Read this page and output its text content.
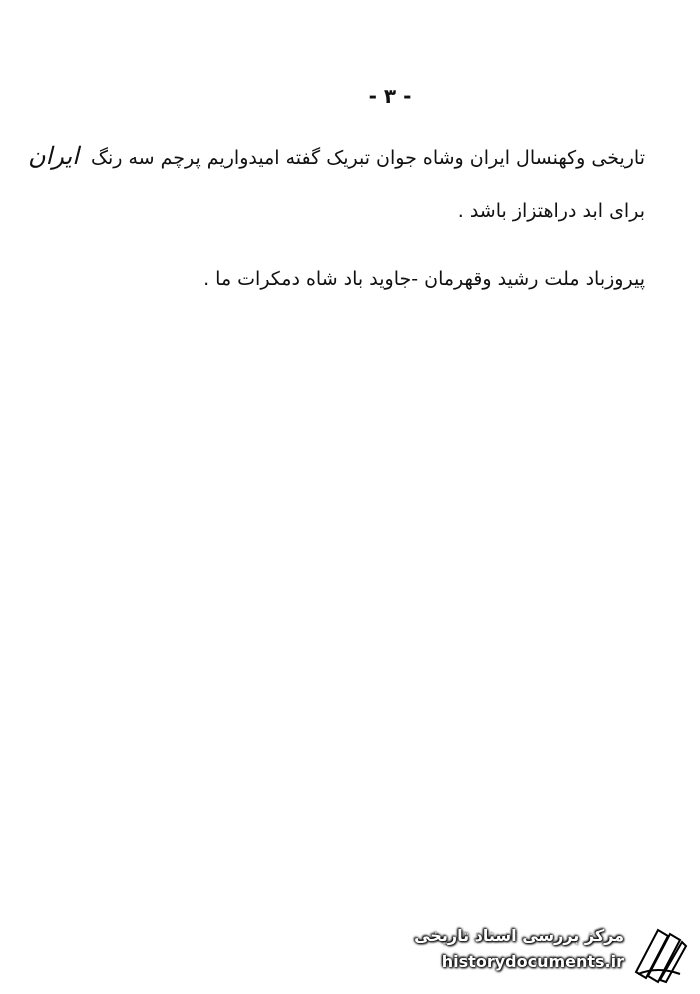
- ٣ -
تاریخی وکهنسال ایران وشاه جوان تبریک گفته امیدواریم پرچم سه رنگ ایران
برای ابد دراهتزاز باشد .
پیروزباد ملت رشید وقهرمان -جاوید باد شاه دمکرات ما .
مرکز بررسی اسناد تاریخی
historydocuments.ir
